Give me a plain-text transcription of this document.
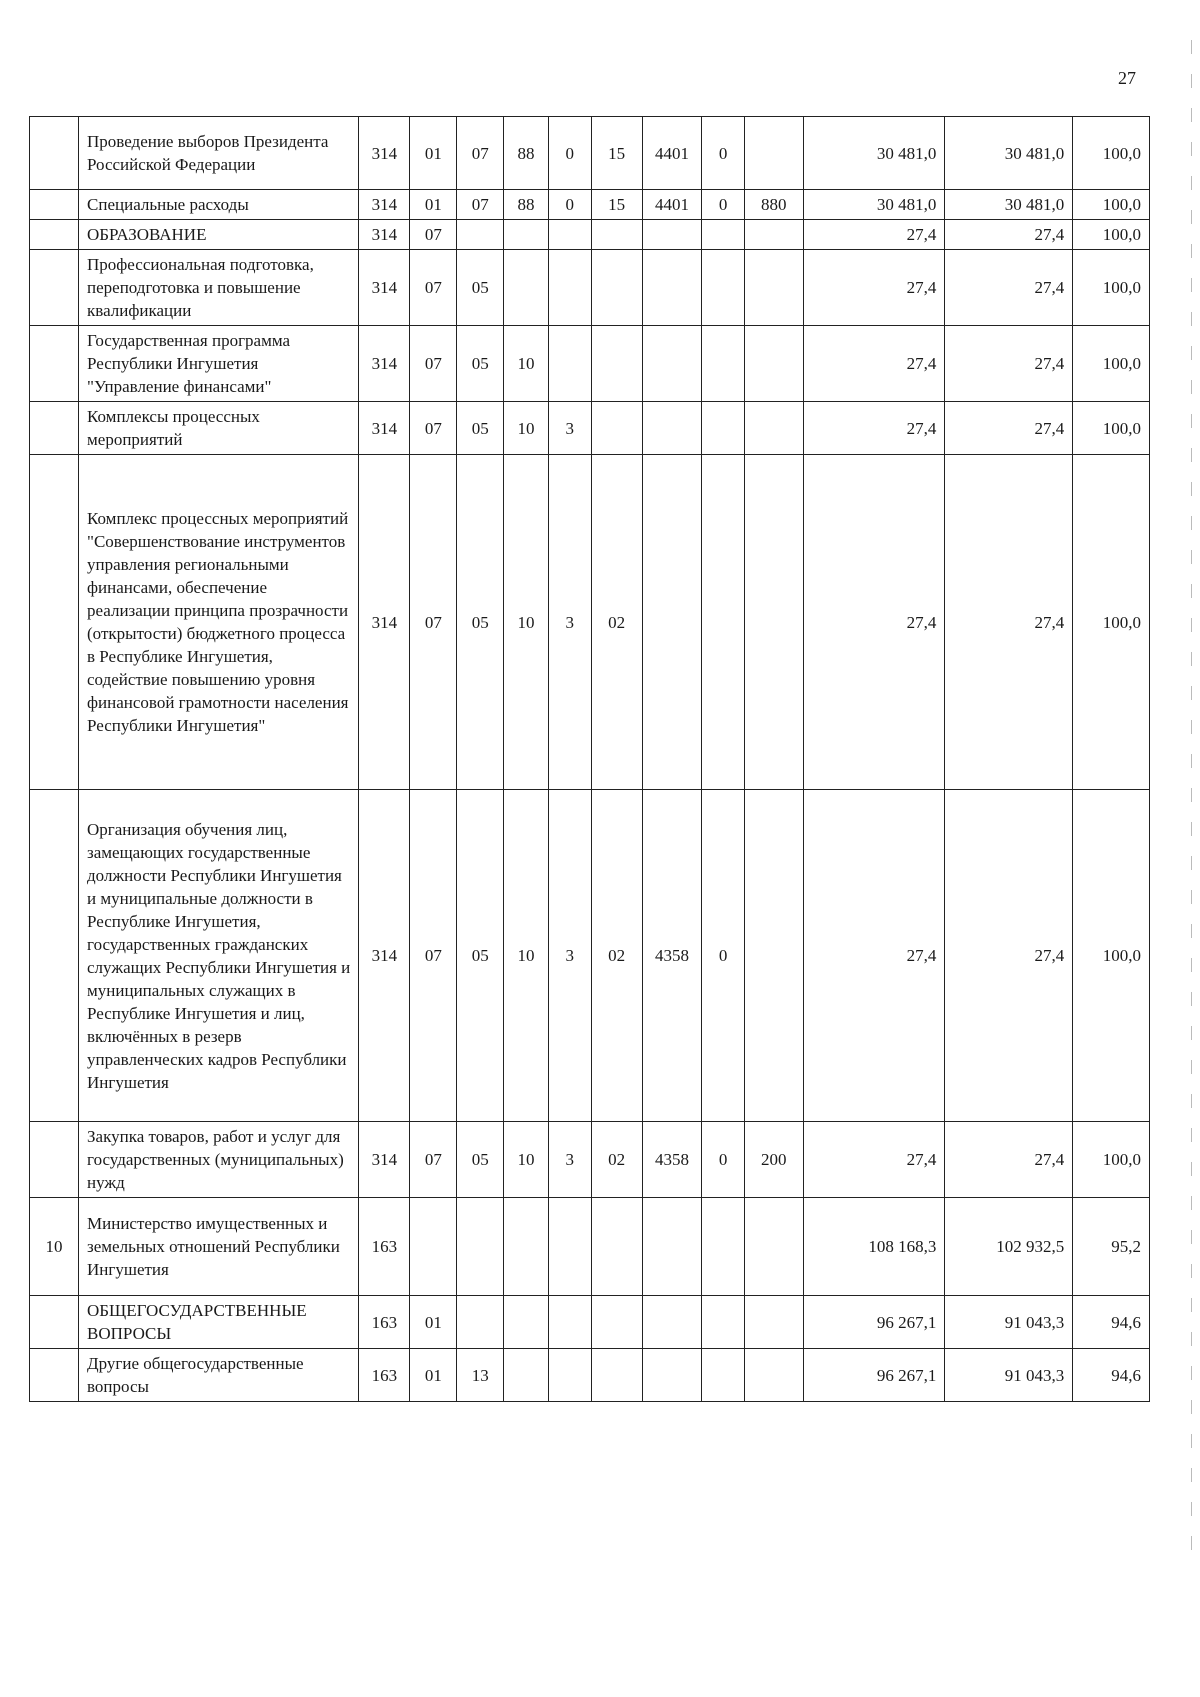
27
	Проведение выборов Президента Российской Федерации	314	01	07	88	0	15	4401	0		30 481,0	30 481,0	100,0
	Специальные расходы	314	01	07	88	0	15	4401	0	880	30 481,0	30 481,0	100,0
	ОБРАЗОВАНИЕ	314	07								27,4	27,4	100,0
	Профессиональная подготовка, переподготовка и повышение квалификации	314	07	05							27,4	27,4	100,0
	Государственная программа Республики Ингушетия "Управление финансами"	314	07	05	10						27,4	27,4	100,0
	Комплексы процессных мероприятий	314	07	05	10	3					27,4	27,4	100,0
	Комплекс процессных мероприятий "Совершенствование инструментов управления региональными финансами, обеспечение реализации принципа прозрачности (открытости) бюджетного процесса в Республике Ингушетия, содействие повышению уровня финансовой грамотности населения Республики Ингушетия"	314	07	05	10	3	02				27,4	27,4	100,0
	Организация обучения лиц, замещающих государственные должности Республики Ингушетия и муниципальные должности в Республике Ингушетия, государственных гражданских служащих Республики Ингушетия и муниципальных служащих в Республике Ингушетия и лиц, включённых в резерв управленческих кадров Республики Ингушетия	314	07	05	10	3	02	4358	0		27,4	27,4	100,0
	Закупка товаров, работ и услуг для государственных (муниципальных) нужд	314	07	05	10	3	02	4358	0	200	27,4	27,4	100,0
10	Министерство имущественных и земельных отношений Республики Ингушетия	163									108 168,3	102 932,5	95,2
	ОБЩЕГОСУДАРСТВЕННЫЕ ВОПРОСЫ	163	01								96 267,1	91 043,3	94,6
	Другие общегосударственные вопросы	163	01	13							96 267,1	91 043,3	94,6
